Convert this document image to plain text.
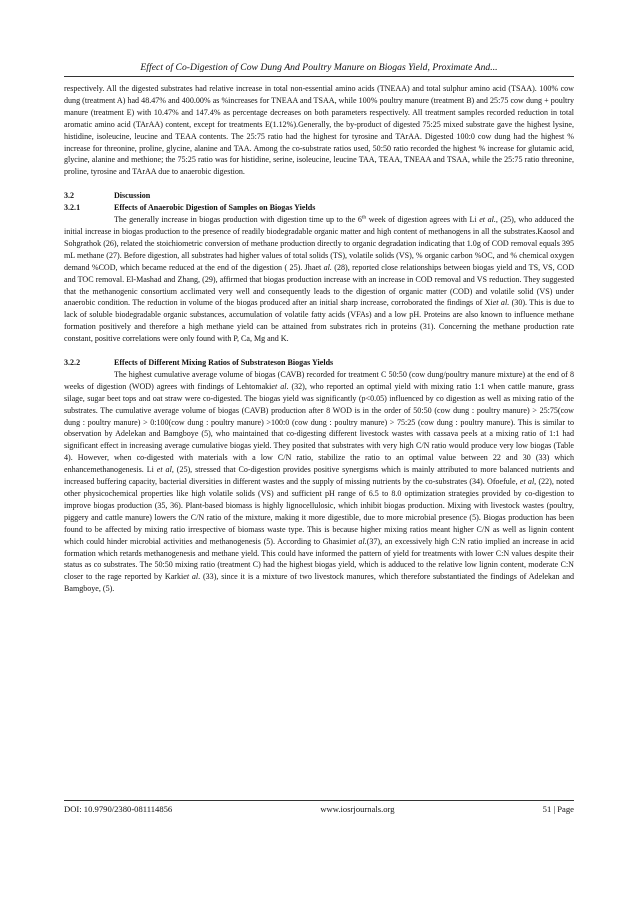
Effect of Co-Digestion of Cow Dung And Poultry Manure on Biogas Yield, Proximate And...

respectively. All the digested substrates had relative increase in total non-essential amino acids (TNEAA) and total sulphur amino acid (TSAA). 100% cow dung (treatment A) had 48.47% and 400.00% as %increases for TNEAA and TSAA, while 100% poultry manure (treatment B) and 25:75 cow dung + poultry manure (treatment E) with 10.47% and 147.4% as percentage decreases on both parameters respectively. All treatment samples recorded reduction in total aromatic amino acid (TArAA) content, except for treatments E(1.12%).Generally, the by-product of digested 75:25 mixed substrate gave the highest lysine, histidine, isoleucine, leucine and TEAA contents. The 25:75 ratio had the highest for tyrosine and TArAA. Digested 100:0 cow dung had the highest % increase for threonine, proline, glycine, alanine and TAA. Among the co-substrate ratios used, 50:50 ratio recorded the highest % increase for glutamic acid, glycine, alanine and methione; the 75:25 ratio was for histidine, serine, isoleucine, leucine TAA, TEAA, TNEAA and TSAA, while the 25:75 ratio threonine, proline, tyrosine and TArAA due to anaerobic digestion.

3.2	Discussion

3.2.1	Effects of Anaerobic Digestion of Samples on Biogas Yields

The generally increase in biogas production with digestion time up to the 6th week of digestion agrees with Li et al., (25), who adduced the initial increase in biogas production to the presence of readily biodegradable organic matter and high content of methanogens in all the substrates.Kaosol and Sohgrathok (26), related the stoichiometric conversion of methane production directly to organic degradation indicating that 1.0g of COD removal equals 395 mL methane (27). Before digestion, all substrates had higher values of total solids (TS), volatile solids (VS), % organic carbon %OC, and % chemical oxygen demand %COD, which became reduced at the end of the digestion ( 25). Jhaet al. (28), reported close relationships between biogas yield and TS, VS, COD and TOC removal. El-Mashad and Zhang, (29), affirmed that biogas production increase with an increase in COD removal and VS reduction. They suggested that the methanogenic consortium acclimated very well and consequently leads to the digestion of organic matter (COD) and volatile solid (VS) under anaerobic condition. The reduction in volume of the biogas produced after an initial sharp increase, corroborated the findings of Xiet al. (30). This is due to lack of soluble biodegradable organic substances, accumulation of volatile fatty acids (VFAs) and a low pH. Proteins are also known to influence methane formation positively and therefore a high methane yield can be attained from substrates rich in proteins (31). Concerning the methane production rate constant, positive correlations were only found with P, Ca, Mg and K.

3.2.2	Effects of Different Mixing Ratios of Substrateson Biogas Yields

The highest cumulative average volume of biogas (CAVB) recorded for treatment C 50:50 (cow dung/poultry manure mixture) at the end of 8 weeks of digestion (WOD) agrees with findings of Lehtomakiet al. (32), who reported an optimal yield with mixing ratio 1:1 when cattle manure, grass silage, sugar beet tops and oat straw were co-digested. The biogas yield was significantly (p<0.05) influenced by co digestion as well as mixing ratio of the substrates. The cumulative average volume of biogas (CAVB) production after 8 WOD is in the order of 50:50 (cow dung : poultry manure) > 25:75(cow dung : poultry manure) > 0:100(cow dung : poultry manure) >100:0 (cow dung : poultry manure) > 75:25 (cow dung : poultry manure). This is similar to observation by Adelekan and Bamgboye (5), who maintained that co-digesting different livestock wastes with cassava peels at a mixing ratio of 1:1 had significant effect in increasing average cumulative biogas yield. They posited that substrates with very high C/N ratio would produce very low biogas (Table 4). However, when co-digested with materials with a low C/N ratio, stabilize the ratio to an optimal value between 22 and 30 (33) which enhancemethanogenesis. Li et al, (25), stressed that Co-digestion provides positive synergisms which is mainly attributed to more balanced nutrients and increased buffering capacity, bacterial diversities in different wastes and the supply of missing nutrients by the co-substrates (34). Ofoefule, et al, (22), noted other physicochemical properties like high volatile solids (VS) and sufficient pH range of 6.5 to 8.0 optimization strategies provided by co-digestion to improve biogas production (35, 36). Plant-based biomass is highly lignocellulosic, which inhibit biogas production. Mixing with livestock wastes (poultry, piggery and cattle manure) lowers the C/N ratio of the mixture, making it more digestible, due to more microbial presence (5). Biogas production has been found to be affected by mixing ratio irrespective of biomass waste type. This is because higher mixing ratios meant higher C/N as well as lignin content which could hinder microbial activities and methanogenesis (5). According to Ghasimiet al.(37), an excessively high C:N ratio implied an increase in acid formation which retards methanogenesis and methane yield. This could have informed the pattern of yield for treatments with lower C:N values despite their status as co substrates. The 50:50 mixing ratio (treatment C) had the highest biogas yield, which is adduced to the relative low lignin content, moderate C:N closer to the rage reported by Karkiet al. (33), since it is a mixture of two livestock manures, which therefore substantiated the findings of Adelekan and Bamgboye, (5).

DOI: 10.9790/2380-081114856	www.iosrjournals.org	51 | Page
